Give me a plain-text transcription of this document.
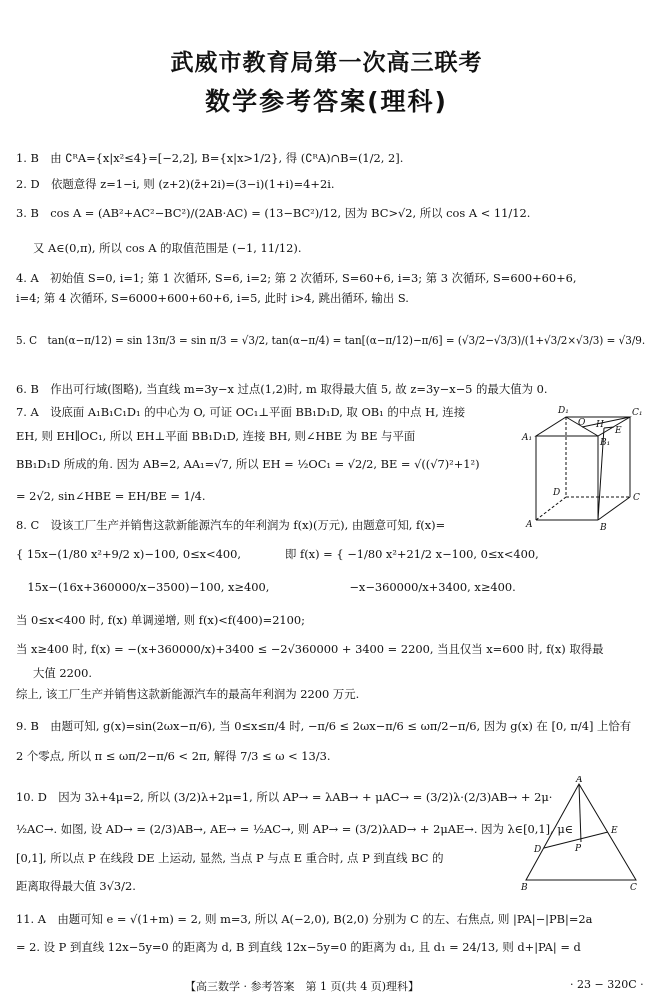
武威市教育局第一次高三联考
数学参考答案(理科)
1. B　由 ∁ᴿA={x|x²≤4}=[−2,2], B={x|x>1/2}, 得 (∁ᴿA)∩B=(1/2, 2].
2. D　依题意得 z=1−i, 则 (z+2)(z̄+2i)=(3−i)(1+i)=4+2i.
3. B　cos A = (AB²+AC²−BC²)/(2AB·AC) = (13−BC²)/12, 因为 BC>√2, 所以 cos A < 11/12.
又 A∈(0,π), 所以 cos A 的取值范围是 (−1, 11/12).
4. A　初始值 S=0, i=1; 第 1 次循环, S=6, i=2; 第 2 次循环, S=60+6, i=3; 第 3 次循环, S=600+60+6,
i=4; 第 4 次循环, S=6000+600+60+6, i=5, 此时 i>4, 跳出循环, 输出 S.
5. C　tan(α−π/12) = sin 13π/3 = sin π/3 = √3/2, tan(α−π/4) = tan[(α−π/12)−π/6] = (√3/2−√3/3)/(1+√3/2×√3/3) = √3/9.
6. B　作出可行域(图略), 当直线 m=3y−x 过点(1,2)时, m 取得最大值 5, 故 z=3y−x−5 的最大值为 0.
7. A　设底面 A₁B₁C₁D₁ 的中心为 O, 可证 OC₁⊥平面 BB₁D₁D, 取 OB₁ 的中点 H, 连接
EH, 则 EH∥OC₁, 所以 EH⊥平面 BB₁D₁D, 连接 BH, 则∠HBE 为 BE 与平面
BB₁D₁D 所成的角. 因为 AB=2, AA₁=√7, 所以 EH = ½OC₁ = √2/2, BE = √((√7)²+1²)
= 2√2, sin∠HBE = EH/BE = 1/4.
8. C　设该工厂生产并销售这款新能源汽车的年利润为 f(x)(万元), 由题意可知, f(x)=
{ 15x−(1/80 x²+9/2 x)−100, 0≤x<400,
　15x−(16x+360000/x−3500)−100, x≥400,
即 f(x) = { −1/80 x²+21/2 x−100, 0≤x<400,
　−x−360000/x+3400, x≥400.
当 0≤x<400 时, f(x) 单调递增, 则 f(x)<f(400)=2100;
当 x≥400 时, f(x) = −(x+360000/x)+3400 ≤ −2√360000 + 3400 = 2200, 当且仅当 x=600 时, f(x) 取得最
大值 2200.
综上, 该工厂生产并销售这款新能源汽车的最高年利润为 2200 万元.
9. B　由题可知, g(x)=sin(2ωx−π/6), 当 0≤x≤π/4 时, −π/6 ≤ 2ωx−π/6 ≤ ωπ/2−π/6, 因为 g(x) 在 [0, π/4] 上恰有
2 个零点, 所以 π ≤ ωπ/2−π/6 < 2π, 解得 7/3 ≤ ω < 13/3.
10. D　因为 3λ+4μ=2, 所以 (3/2)λ+2μ=1, 所以 AP→ = λAB→ + μAC→ = (3/2)λ·(2/3)AB→ + 2μ·
½AC→. 如图, 设 AD→ = (2/3)AB→, AE→ = ½AC→, 则 AP→ = (3/2)λAD→ + 2μAE→. 因为 λ∈[0,1], μ∈
[0,1], 所以点 P 在线段 DE 上运动, 显然, 当点 P 与点 E 重合时, 点 P 到直线 BC 的
距离取得最大值 3√3/2.
11. A　由题可知 e = √(1+m) = 2, 则 m=3, 所以 A(−2,0), B(2,0) 分别为 C 的左、右焦点, 则 |PA|−|PB|=2a
= 2. 设 P 到直线 12x−5y=0 的距离为 d, B 到直线 12x−5y=0 的距离为 d₁, 且 d₁ = 24/13, 则 d+|PA| = d
D₁	C₁
A₁
O H
B₁
E
D	C
A	B
A
D
E
P
B	C
【高三数学 · 参考答案　第 1 页(共 4 页)理科】	· 23 − 320C ·
